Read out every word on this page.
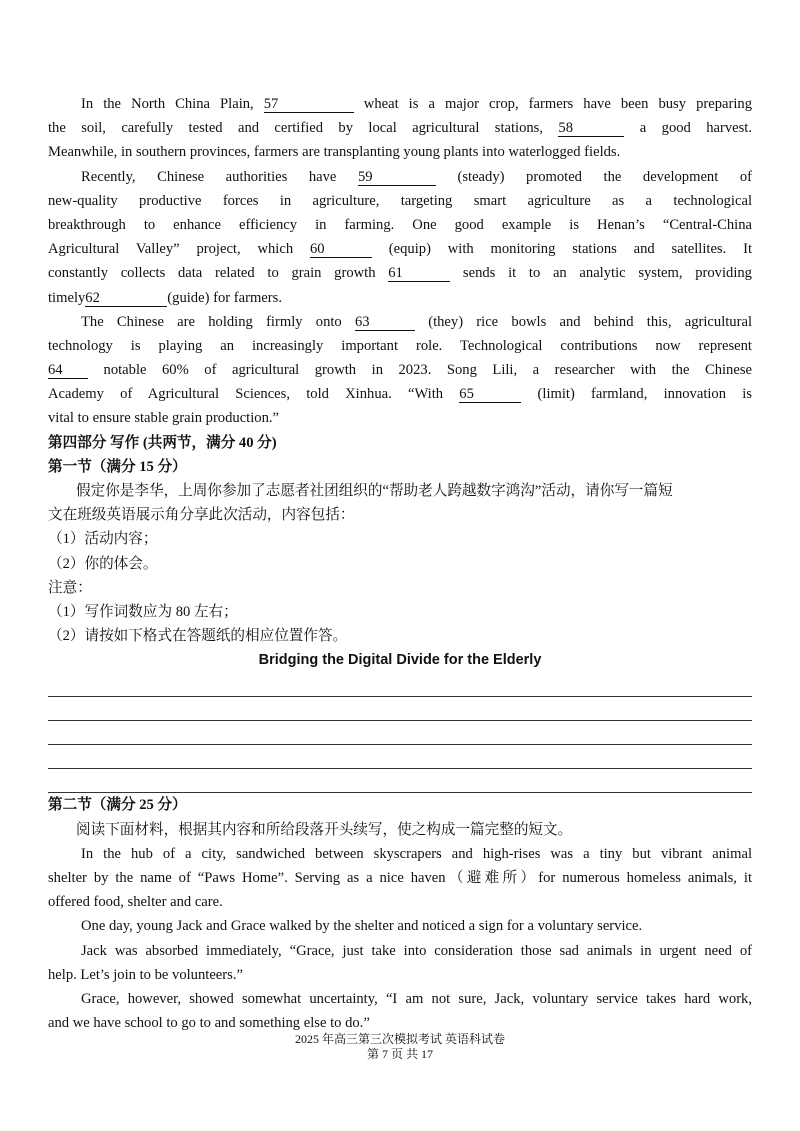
In the North China Plain, 57	wheat is a major crop, farmers have been busy preparing
the soil, carefully tested and certified by local agricultural stations, 58	a good harvest.
Meanwhile, in southern provinces, farmers are transplanting young plants into waterlogged fields.
Recently, Chinese authorities have 59	(steady) promoted the development of
new-quality productive forces in agriculture, targeting smart agriculture as a technological
breakthrough to enhance efficiency in farming. One good example is Henan’s “Central-China
Agricultural Valley” project, which 60	(equip) with monitoring stations and satellites. It
constantly collects data related to grain growth 61	sends it to an analytic system, providing
timely62	(guide) for farmers.
The Chinese are holding firmly onto 63	(they) rice bowls and behind this, agricultural
technology is playing an increasingly important role. Technological contributions now represent
64 notable 60% of agricultural growth in 2023. Song Lili, a researcher with the Chinese
Academy of Agricultural Sciences, told Xinhua. “With 65	(limit) farmland, innovation is
vital to ensure stable grain production.”
第四部分 写作 (共两节，满分 40 分)
第一节（满分 15 分）
假定你是李华，上周你参加了志愿者社团组织的“帮助老人跨越数字鸿沟”活动，请你写一篇短
文在班级英语展示角分享此次活动，内容包括：
（1）活动内容；
（2）你的体会。
注意：
（1）写作词数应为 80 左右；
（2）请按如下格式在答题纸的相应位置作答。
Bridging the Digital Divide for the Elderly
第二节（满分 25 分）
阅读下面材料，根据其内容和所给段落开头续写，使之构成一篇完整的短文。
In the hub of a city, sandwiched between skyscrapers and high-rises was a tiny but vibrant animal
shelter by the name of “Paws Home”. Serving as a nice haven（避难所）for numerous homeless animals, it
offered food, shelter and care.
One day, young Jack and Grace walked by the shelter and noticed a sign for a voluntary service.
Jack was absorbed immediately, “Grace, just take into consideration those sad animals in urgent need of
help. Let’s join to be volunteers.”
Grace, however, showed somewhat uncertainty, “I am not sure, Jack, voluntary service takes hard work,
and we have school to go to and something else to do.”
2025 年高三第三次模拟考试 英语科试卷
第 7 页 共 17
